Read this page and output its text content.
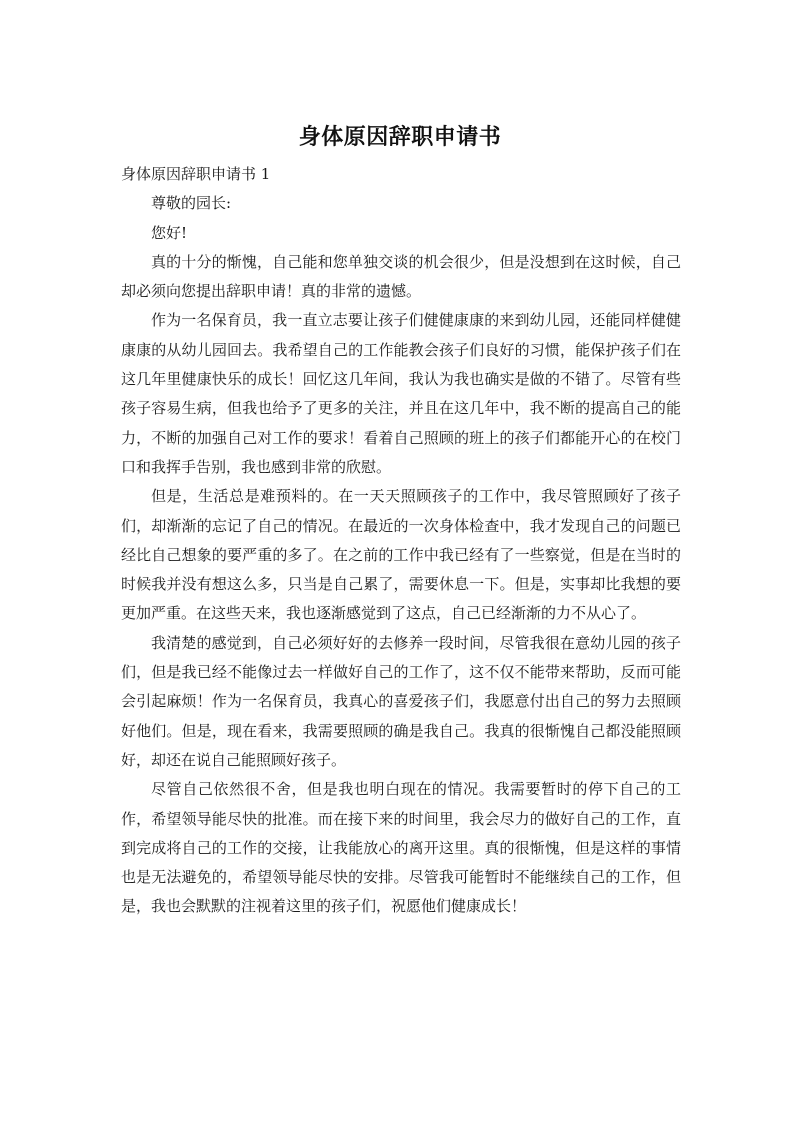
身体原因辞职申请书

身体原因辞职申请书 1

尊敬的园长:

您好!

真的十分的惭愧，自己能和您单独交谈的机会很少，但是没想到在这时候，自己却必须向您提出辞职申请！真的非常的遗憾。

作为一名保育员，我一直立志要让孩子们健健康康的来到幼儿园，还能同样健健康康的从幼儿园回去。我希望自己的工作能教会孩子们良好的习惯，能保护孩子们在这几年里健康快乐的成长！回忆这几年间，我认为我也确实是做的不错了。尽管有些孩子容易生病，但我也给予了更多的关注，并且在这几年中，我不断的提高自己的能力，不断的加强自己对工作的要求！看着自己照顾的班上的孩子们都能开心的在校门口和我挥手告别，我也感到非常的欣慰。

但是，生活总是难预料的。在一天天照顾孩子的工作中，我尽管照顾好了孩子们，却渐渐的忘记了自己的情况。在最近的一次身体检查中，我才发现自己的问题已经比自己想象的要严重的多了。在之前的工作中我已经有了一些察觉，但是在当时的时候我并没有想这么多，只当是自己累了，需要休息一下。但是，实事却比我想的要更加严重。在这些天来，我也逐渐感觉到了这点，自己已经渐渐的力不从心了。

我清楚的感觉到，自己必须好好的去修养一段时间，尽管我很在意幼儿园的孩子们，但是我已经不能像过去一样做好自己的工作了，这不仅不能带来帮助，反而可能会引起麻烦！作为一名保育员，我真心的喜爱孩子们，我愿意付出自己的努力去照顾好他们。但是，现在看来，我需要照顾的确是我自己。我真的很惭愧自己都没能照顾好，却还在说自己能照顾好孩子。

尽管自己依然很不舍，但是我也明白现在的情况。我需要暂时的停下自己的工作，希望领导能尽快的批准。而在接下来的时间里，我会尽力的做好自己的工作，直到完成将自己的工作的交接，让我能放心的离开这里。真的很惭愧，但是这样的事情也是无法避免的，希望领导能尽快的安排。尽管我可能暂时不能继续自己的工作，但是，我也会默默的注视着这里的孩子们，祝愿他们健康成长！
